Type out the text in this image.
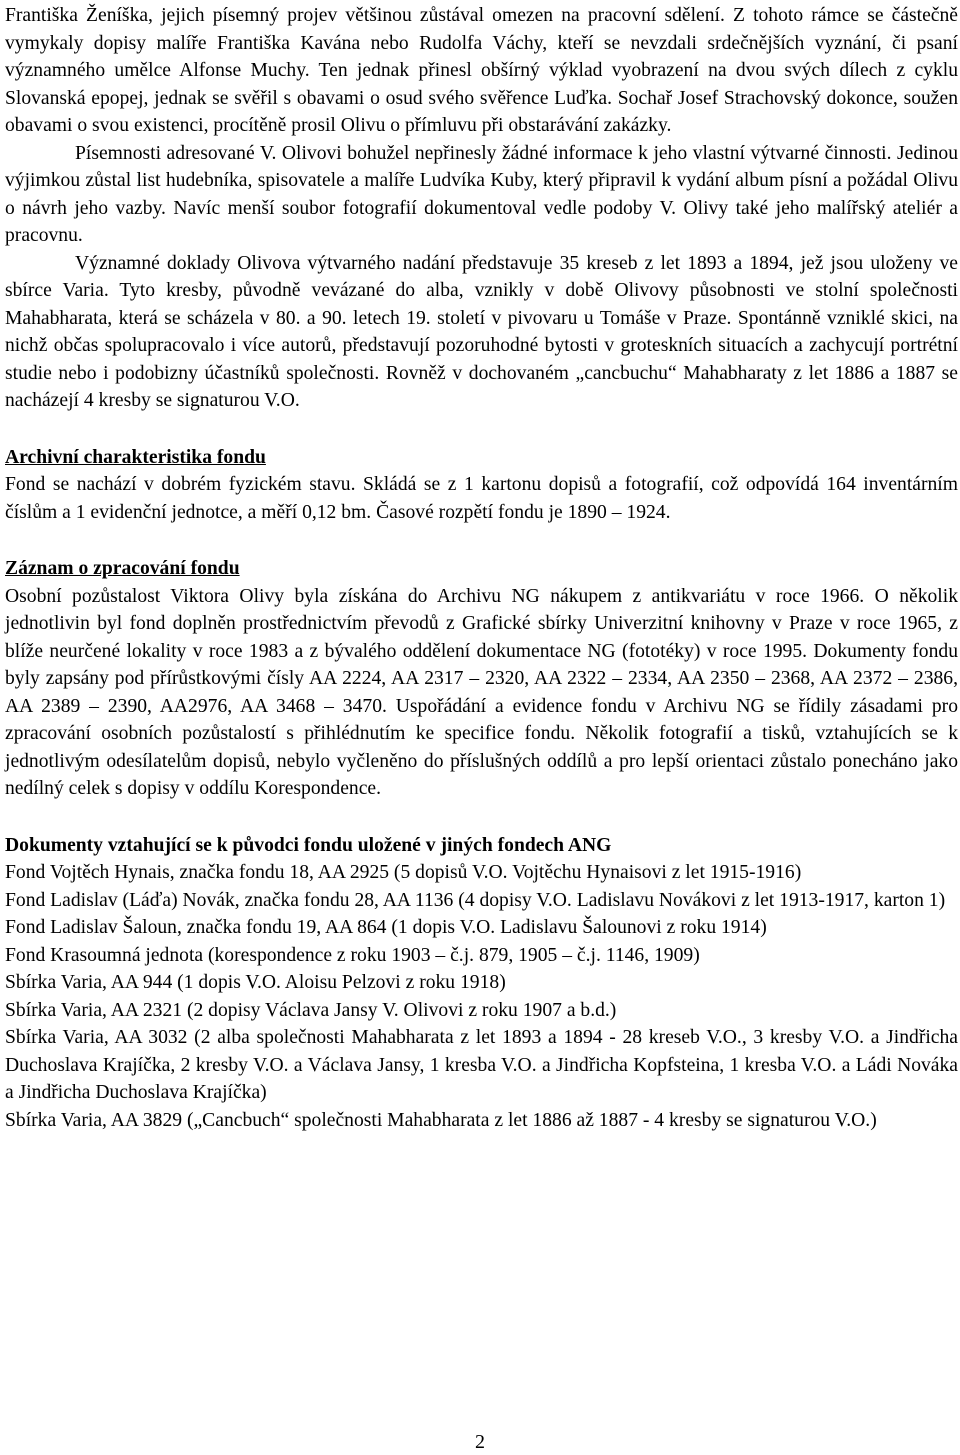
Františka Ženíška, jejich písemný projev většinou zůstával omezen na pracovní sdělení. Z tohoto rámce se částečně vymykaly dopisy malíře Františka Kavána nebo Rudolfa Váchy, kteří se nevzdali srdečnějších vyznání, či psaní významného umělce Alfonse Muchy. Ten jednak přinesl obšírný výklad vyobrazení na dvou svých dílech z cyklu Slovanská epopej, jednak se svěřil s obavami o osud svého svěřence Luďka. Sochař Josef Strachovský dokonce, soužen obavami o svou existenci, procítěně prosil Olivu o přímluvu při obstarávání zakázky.

Písemnosti adresované V. Olivovi bohužel nepřinesly žádné informace k jeho vlastní výtvarné činnosti. Jedinou výjimkou zůstal list hudebníka, spisovatele a malíře Ludvíka Kuby, který připravil k vydání album písní a požádal Olivu o návrh jeho vazby. Navíc menší soubor fotografií dokumentoval vedle podoby V. Olivy také jeho malířský ateliér a pracovnu.

Významné doklady Olivova výtvarného nadání představuje 35 kreseb z let 1893 a 1894, jež jsou uloženy ve sbírce Varia. Tyto kresby, původně vevázané do alba, vznikly v době Olivovy působnosti ve stolní společnosti Mahabharata, která se scházela v 80. a 90. letech 19. století v pivovaru u Tomáše v Praze. Spontánně vzniklé skici, na nichž občas spolupracovalo i více autorů, představují pozoruhodné bytosti v groteskních situacích a zachycují portrétní studie nebo i podobizny účastníků společnosti. Rovněž v dochovaném „cancbuchu“ Mahabharaty z let 1886 a 1887 se nacházejí 4 kresby se signaturou V.O.

Archivní charakteristika fondu

Fond se nachází v dobrém fyzickém stavu. Skládá se z 1 kartonu dopisů a fotografií, což odpovídá 164 inventárním číslům a 1 evidenční jednotce, a měří 0,12 bm. Časové rozpětí fondu je 1890 – 1924.

Záznam o zpracování fondu

Osobní pozůstalost Viktora Olivy byla získána do Archivu NG nákupem z antikvariátu v roce 1966. O několik jednotlivin byl fond doplněn prostřednictvím převodů z Grafické sbírky Univerzitní knihovny v Praze v roce 1965, z blíže neurčené lokality v roce 1983 a z bývalého oddělení dokumentace NG (fototéky) v roce 1995. Dokumenty fondu byly zapsány pod přírůstkovými čísly AA 2224, AA 2317 – 2320, AA 2322 – 2334, AA 2350 – 2368, AA 2372 – 2386, AA 2389 – 2390, AA2976, AA 3468 – 3470. Uspořádání a evidence fondu v Archivu NG se řídily zásadami pro zpracování osobních pozůstalostí s přihlédnutím ke specifice fondu. Několik fotografií a tisků, vztahujících se k jednotlivým odesílatelům dopisů, nebylo vyčleněno do příslušných oddílů a pro lepší orientaci zůstalo ponecháno jako nedílný celek s dopisy v oddílu Korespondence.

Dokumenty vztahující se k původci fondu uložené v jiných fondech ANG

Fond Vojtěch Hynais, značka fondu 18, AA 2925 (5 dopisů V.O. Vojtěchu Hynaisovi z let 1915-1916)

Fond Ladislav (Láďa) Novák, značka fondu 28, AA 1136 (4 dopisy V.O. Ladislavu Novákovi z let 1913-1917, karton 1)

Fond Ladislav Šaloun, značka fondu 19, AA 864 (1 dopis V.O. Ladislavu Šalounovi z roku 1914)

Fond Krasoumná jednota (korespondence z roku 1903 – č.j. 879, 1905 – č.j. 1146, 1909)

Sbírka Varia, AA 944 (1 dopis V.O. Aloisu Pelzovi z roku 1918)

Sbírka Varia, AA 2321 (2 dopisy Václava Jansy V. Olivovi z roku 1907 a b.d.)

Sbírka Varia, AA 3032 (2 alba společnosti Mahabharata z let 1893 a 1894 - 28 kreseb V.O., 3 kresby V.O. a Jindřicha Duchoslava Krajíčka, 2 kresby V.O. a Václava Jansy, 1 kresba V.O. a Jindřicha Kopfsteina, 1 kresba V.O. a Ládi Nováka a Jindřicha Duchoslava Krajíčka)

Sbírka Varia, AA 3829 („Cancbuch“ společnosti Mahabharata z let 1886 až 1887 - 4 kresby se signaturou V.O.)

2
